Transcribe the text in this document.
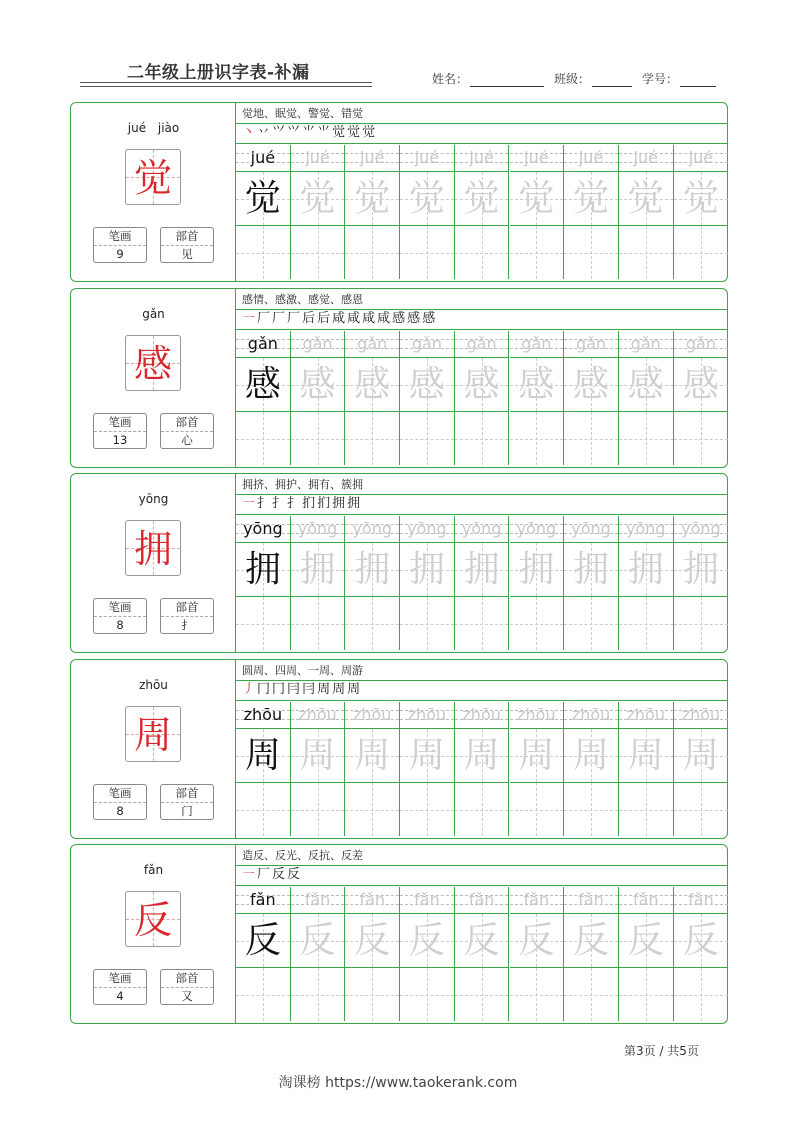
二年级上册识字表-补漏	姓名：	班级：	学号：
jué jiào
觉
笔画
9
部首
见
觉地、眠觉、警觉、错觉
丶 丷 ⺍ ⺍ ⺌ ⺌ 觉 觉 觉
jué
觉
jué
觉
jué
觉
jué
觉
jué
觉
jué
觉
jué
觉
jué
觉
jué
觉
gǎn
感
笔画
13
部首
心
感情、感激、感觉、感恩
㇐ 厂 厂 厂 后 后 咸 咸 咸 咸 感 感 感
gǎn
感
gǎn
感
gǎn
感
gǎn
感
gǎn
感
gǎn
感
gǎn
感
gǎn
感
gǎn
感
yōng
拥
笔画
8
部首
扌
拥挤、拥护、拥有、簇拥
㇐ 扌 扌 扌 扪 扪 拥 拥
yōng
拥
yōng
拥
yōng
拥
yōng
拥
yōng
拥
yōng
拥
yōng
拥
yōng
拥
yōng
拥
zhōu
周
笔画
8
部首
门
圆周、四周、一周、周游
丿 冂 冂 冃 冃 周 周 周
zhōu
周
zhōu
周
zhōu
周
zhōu
周
zhōu
周
zhōu
周
zhōu
周
zhōu
周
zhōu
周
fǎn
反
笔画
4
部首
又
造反、反光、反抗、反差
㇐ 厂 反 反
fǎn
反
fǎn
反
fǎn
反
fǎn
反
fǎn
反
fǎn
反
fǎn
反
fǎn
反
fǎn
反
第3页 / 共5页
淘课榜 https://www.taokerank.com
